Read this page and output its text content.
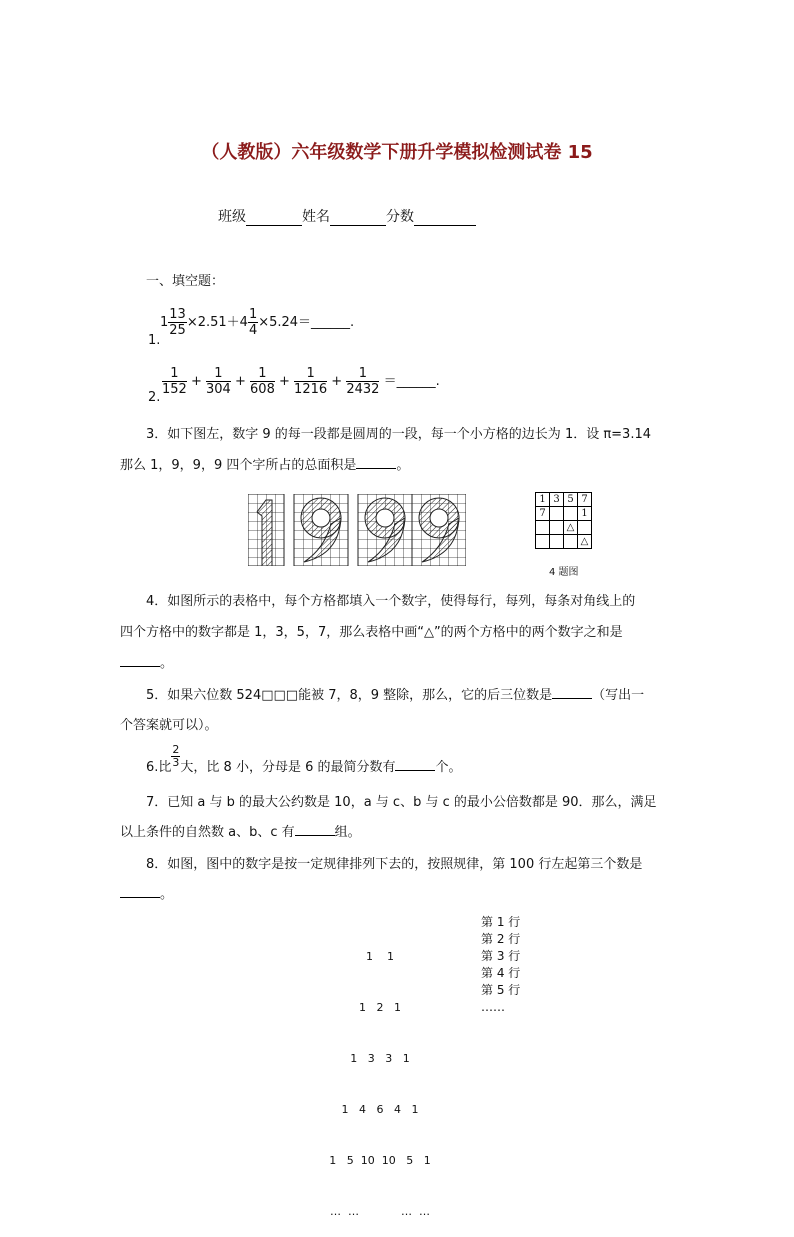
（人教版）六年级数学下册升学模拟检测试卷 15
班级	姓名	分数
一、填空题：
1.
$1 \frac{13}{25} \times 2.51+4 \frac{1}{4}$ ×5.24＝______.
2.
$\frac{1}{152} + \frac{1}{304} + \frac{1}{608} + \frac{1}{1216} + \frac{1}{2432}$ ＝______.
3．如下图左，数字 9 的每一段都是圆周的一段，每一个小方格的边长为 1．设 π=3.14
那么 1，9，9，9 四个字所占的总面积是	。
1	3	5	7
7			1
		△	
			△
4 题图
4．如图所示的表格中，每个方格都填入一个数字，使得每行，每列，每条对角线上的
四个方格中的数字都是 1，3，5，7，那么表格中画“△”的两个方格中的两个数字之和是
。
5．如果六位数 524□□□能被 7，8，9 整除，那么，它的后三位数是	（写出一
个答案就可以）。
6.比 $\frac{2}{3}$ 大，比 8 小，分母是 6 的最简分数有	个。
7．已知 a 与 b 的最大公约数是 10，a 与 c、b 与 c 的最小公倍数都是 90．那么，满足
以上条件的自然数 a、b、c 有	组。
8．如图，图中的数字是按一定规律排列下去的，按照规律，第 100 行左起第三个数是
。

1    1

1   2   1

1   3   3   1

1   4   6   4   1

1   5  10  10   5   1

…  …            …  …

第 1 行
第 2 行
第 3 行
第 4 行
第 5 行
……
